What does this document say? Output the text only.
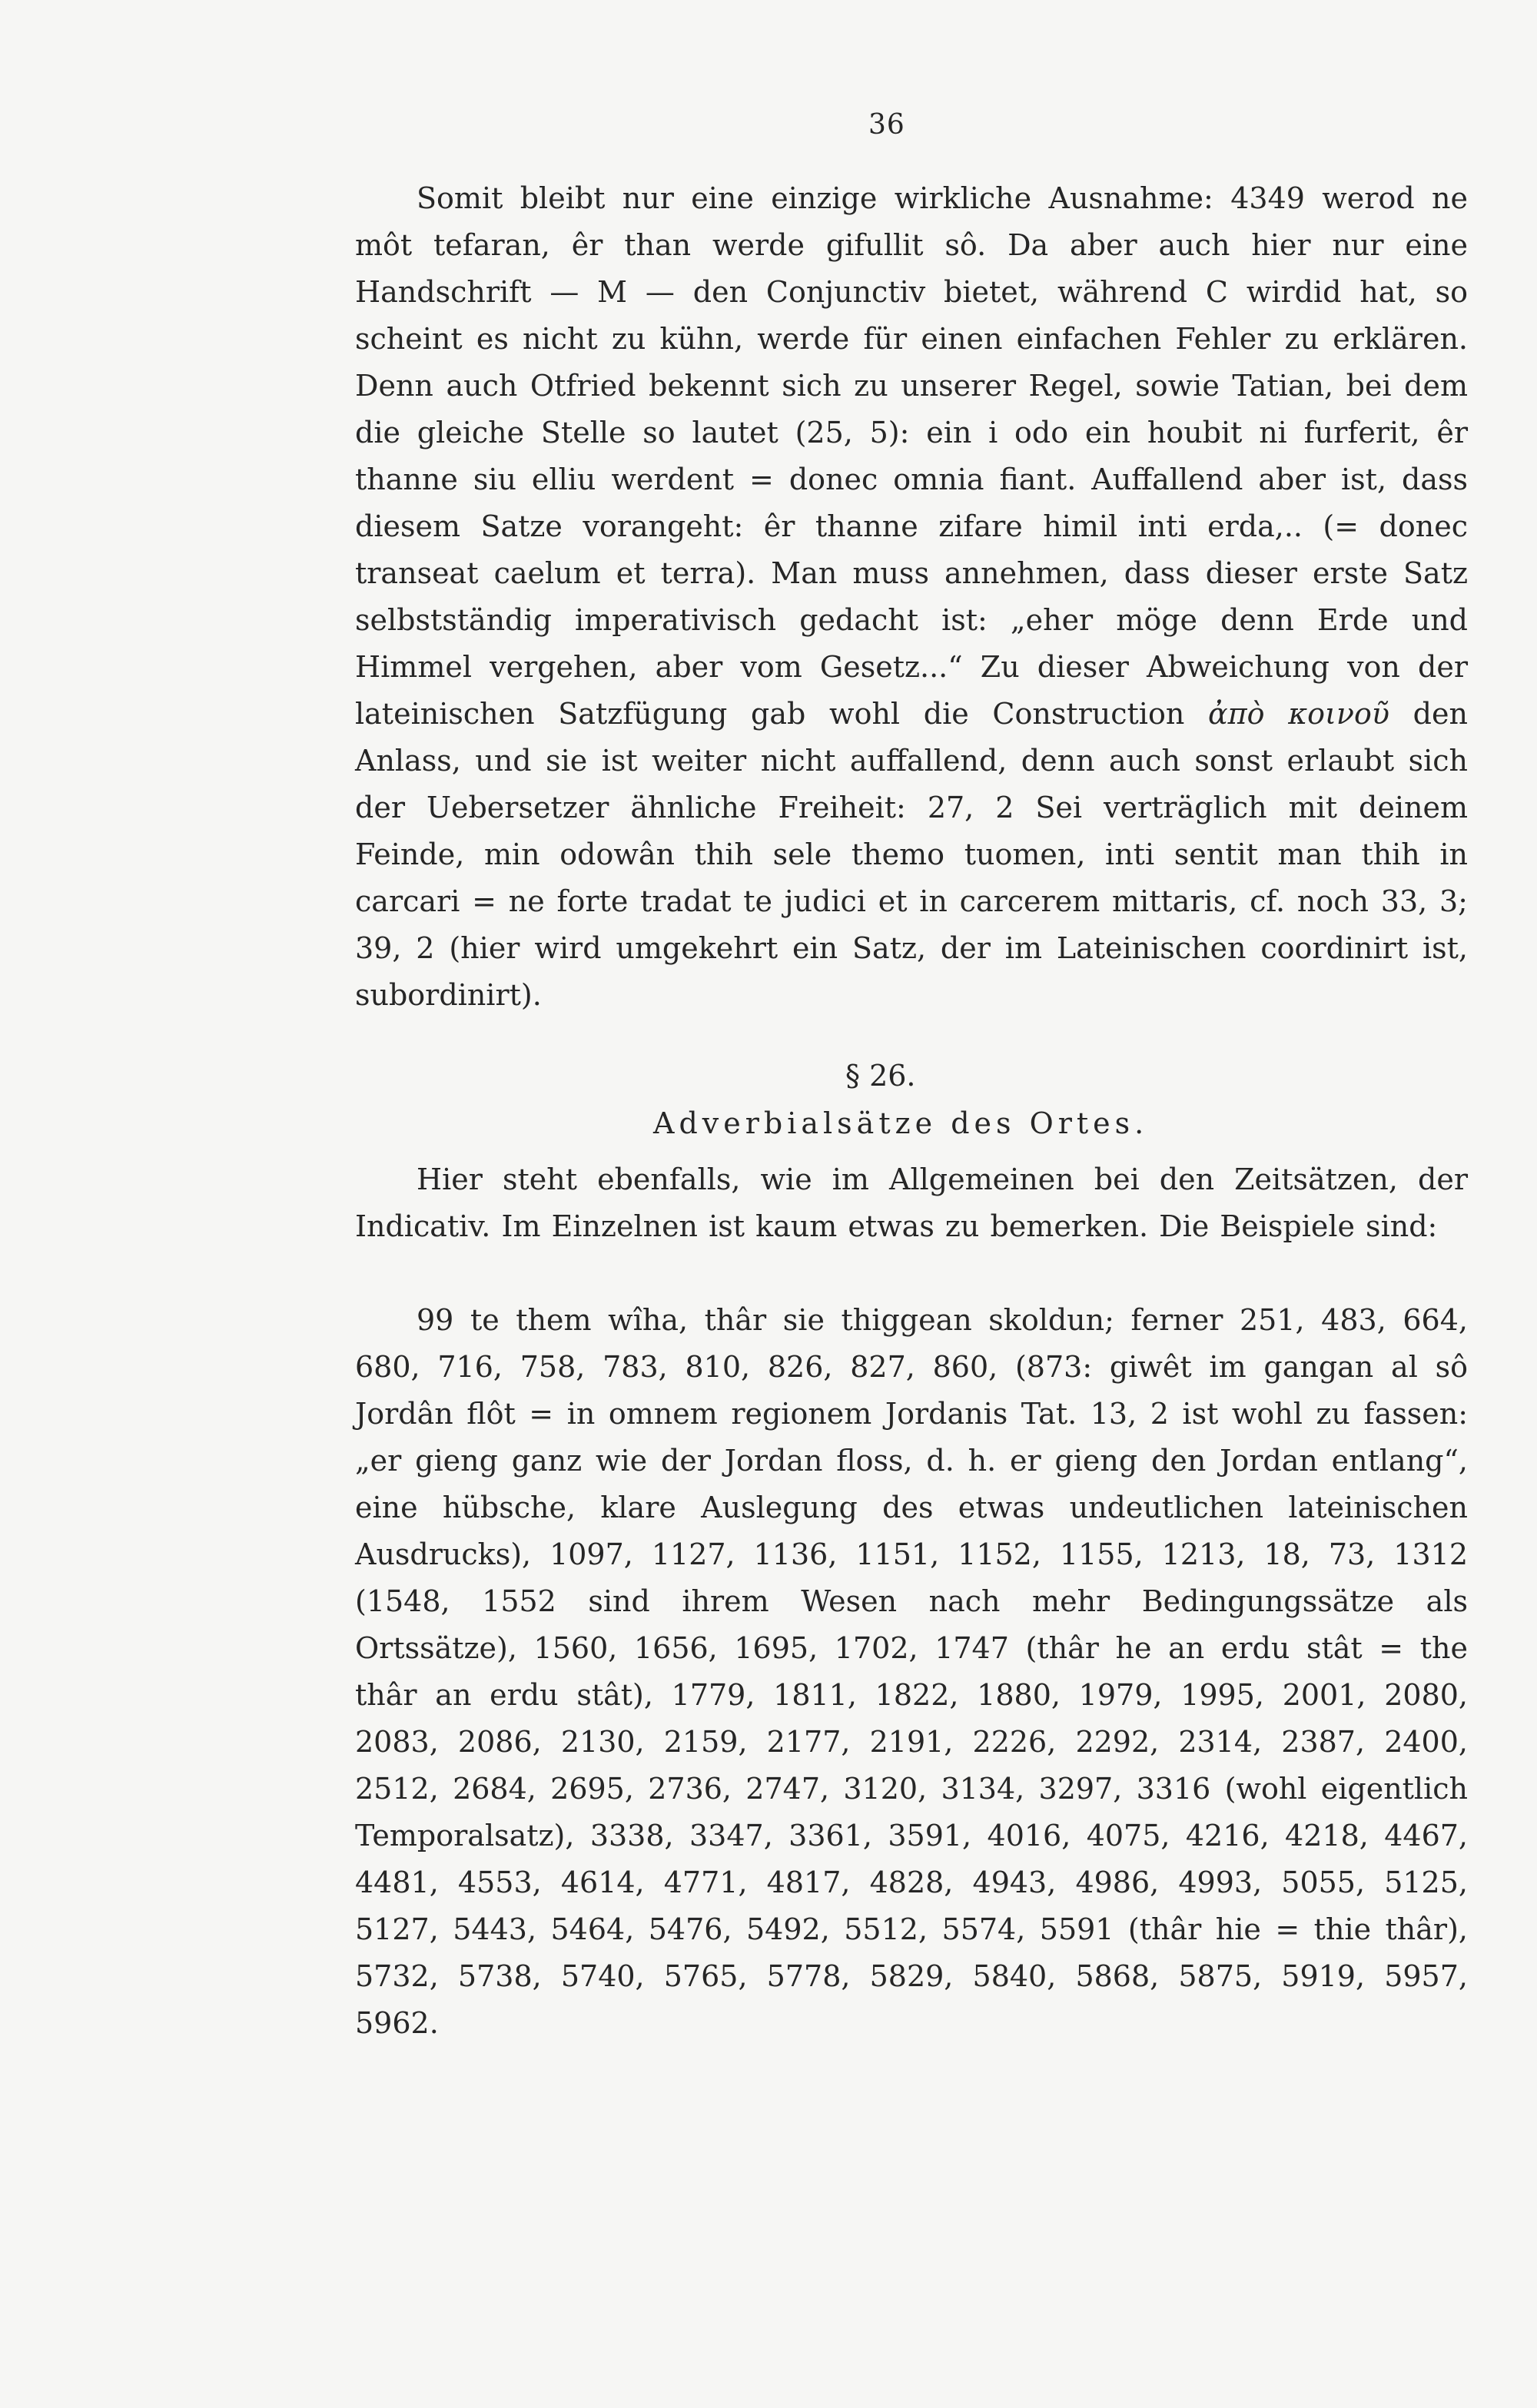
36

Somit bleibt nur eine einzige wirkliche Ausnahme: 4349 werod ne môt tefaran, êr than werde gifullit sô. Da aber auch hier nur eine Handschrift — M — den Conjunctiv bietet, während C wirdid hat, so scheint es nicht zu kühn, werde für einen einfachen Fehler zu erklären. Denn auch Otfried bekennt sich zu unserer Regel, sowie Tatian, bei dem die gleiche Stelle so lautet (25, 5): ein i odo ein houbit ni furferit, êr thanne siu elliu werdent = donec omnia fiant. Auffallend aber ist, dass diesem Satze vorangeht: êr thanne zifare himil inti erda,.. (= donec transeat caelum et terra). Man muss annehmen, dass dieser erste Satz selbstständig imperativisch gedacht ist: „eher möge denn Erde und Himmel vergehen, aber vom Gesetz...“ Zu dieser Abweichung von der lateinischen Satzfügung gab wohl die Construction ἀπὸ κοινοῦ den Anlass, und sie ist weiter nicht auffallend, denn auch sonst erlaubt sich der Uebersetzer ähnliche Freiheit: 27, 2 Sei verträglich mit deinem Feinde, min odowân thih sele themo tuomen, inti sentit man thih in carcari = ne forte tradat te judici et in carcerem mittaris, cf. noch 33, 3; 39, 2 (hier wird umgekehrt ein Satz, der im Lateinischen coordinirt ist, subordinirt).

§ 26.
Adverbialsätze des Ortes.

Hier steht ebenfalls, wie im Allgemeinen bei den Zeitsätzen, der Indicativ. Im Einzelnen ist kaum etwas zu bemerken. Die Beispiele sind:

99 te them wîha, thâr sie thiggean skoldun; ferner 251, 483, 664, 680, 716, 758, 783, 810, 826, 827, 860, (873: giwêt im gangan al sô Jordân flôt = in omnem regionem Jordanis Tat. 13, 2 ist wohl zu fassen: „er gieng ganz wie der Jordan floss, d. h. er gieng den Jordan entlang“, eine hübsche, klare Auslegung des etwas undeutlichen lateinischen Ausdrucks), 1097, 1127, 1136, 1151, 1152, 1155, 1213, 18, 73, 1312 (1548, 1552 sind ihrem Wesen nach mehr Bedingungssätze als Ortssätze), 1560, 1656, 1695, 1702, 1747 (thâr he an erdu stât = the thâr an erdu stât), 1779, 1811, 1822, 1880, 1979, 1995, 2001, 2080, 2083, 2086, 2130, 2159, 2177, 2191, 2226, 2292, 2314, 2387, 2400, 2512, 2684, 2695, 2736, 2747, 3120, 3134, 3297, 3316 (wohl eigentlich Temporalsatz), 3338, 3347, 3361, 3591, 4016, 4075, 4216, 4218, 4467, 4481, 4553, 4614, 4771, 4817, 4828, 4943, 4986, 4993, 5055, 5125, 5127, 5443, 5464, 5476, 5492, 5512, 5574, 5591 (thâr hie = thie thâr), 5732, 5738, 5740, 5765, 5778, 5829, 5840, 5868, 5875, 5919, 5957, 5962.
